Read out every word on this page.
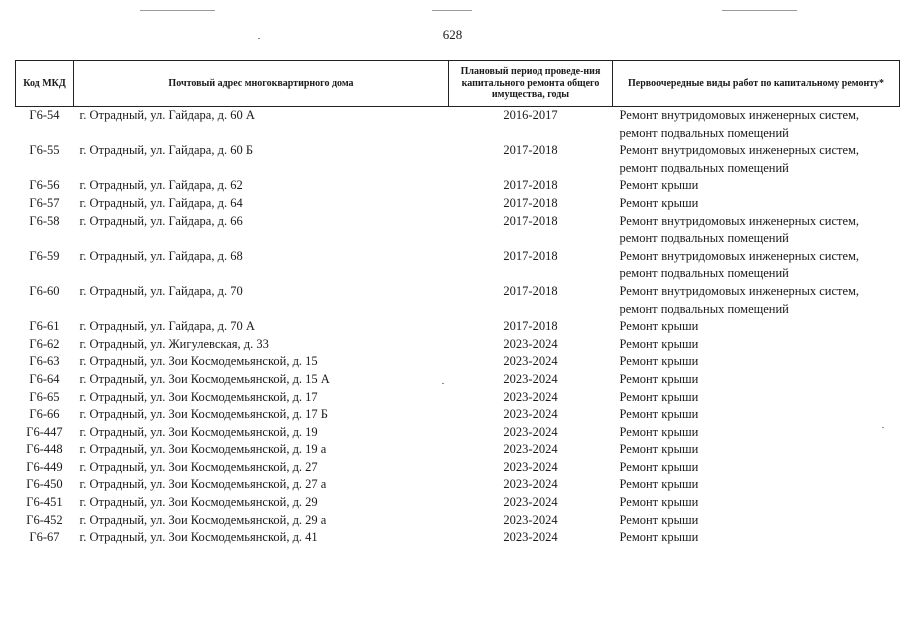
628
Код МКД	Почтовый адрес многоквартирного дома	Плановый период проведе-ния капитального ремонта общего имущества, годы	Первоочередные виды работ по капитальному ремонту*
Г6-54	г. Отрадный, ул. Гайдара, д. 60 А	2016-2017	Ремонт внутридомовых инженерных систем, ремонт подвальных помещений
Г6-55	г. Отрадный, ул. Гайдара, д. 60 Б	2017-2018	Ремонт внутридомовых инженерных систем, ремонт подвальных помещений
Г6-56	г. Отрадный, ул. Гайдара, д. 62	2017-2018	Ремонт крыши
Г6-57	г. Отрадный, ул. Гайдара, д. 64	2017-2018	Ремонт крыши
Г6-58	г. Отрадный, ул. Гайдара, д. 66	2017-2018	Ремонт внутридомовых инженерных систем, ремонт подвальных помещений
Г6-59	г. Отрадный, ул. Гайдара, д. 68	2017-2018	Ремонт внутридомовых инженерных систем, ремонт подвальных помещений
Г6-60	г. Отрадный, ул. Гайдара, д. 70	2017-2018	Ремонт внутридомовых инженерных систем, ремонт подвальных помещений
Г6-61	г. Отрадный, ул. Гайдара, д. 70 А	2017-2018	Ремонт крыши
Г6-62	г. Отрадный, ул. Жигулевская, д. 33	2023-2024	Ремонт крыши
Г6-63	г. Отрадный, ул. Зои Космодемьянской, д. 15	2023-2024	Ремонт крыши
Г6-64	г. Отрадный, ул. Зои Космодемьянской, д. 15 А	2023-2024	Ремонт крыши
Г6-65	г. Отрадный, ул. Зои Космодемьянской, д. 17	2023-2024	Ремонт крыши
Г6-66	г. Отрадный, ул. Зои Космодемьянской, д. 17 Б	2023-2024	Ремонт крыши
Г6-447	г. Отрадный, ул. Зои Космодемьянской, д. 19	2023-2024	Ремонт крыши
Г6-448	г. Отрадный, ул. Зои Космодемьянской, д. 19 а	2023-2024	Ремонт крыши
Г6-449	г. Отрадный, ул. Зои Космодемьянской, д. 27	2023-2024	Ремонт крыши
Г6-450	г. Отрадный, ул. Зои Космодемьянской, д. 27 а	2023-2024	Ремонт крыши
Г6-451	г. Отрадный, ул. Зои Космодемьянской, д. 29	2023-2024	Ремонт крыши
Г6-452	г. Отрадный, ул. Зои Космодемьянской, д. 29 а	2023-2024	Ремонт крыши
Г6-67	г. Отрадный, ул. Зои Космодемьянской, д. 41	2023-2024	Ремонт крыши
